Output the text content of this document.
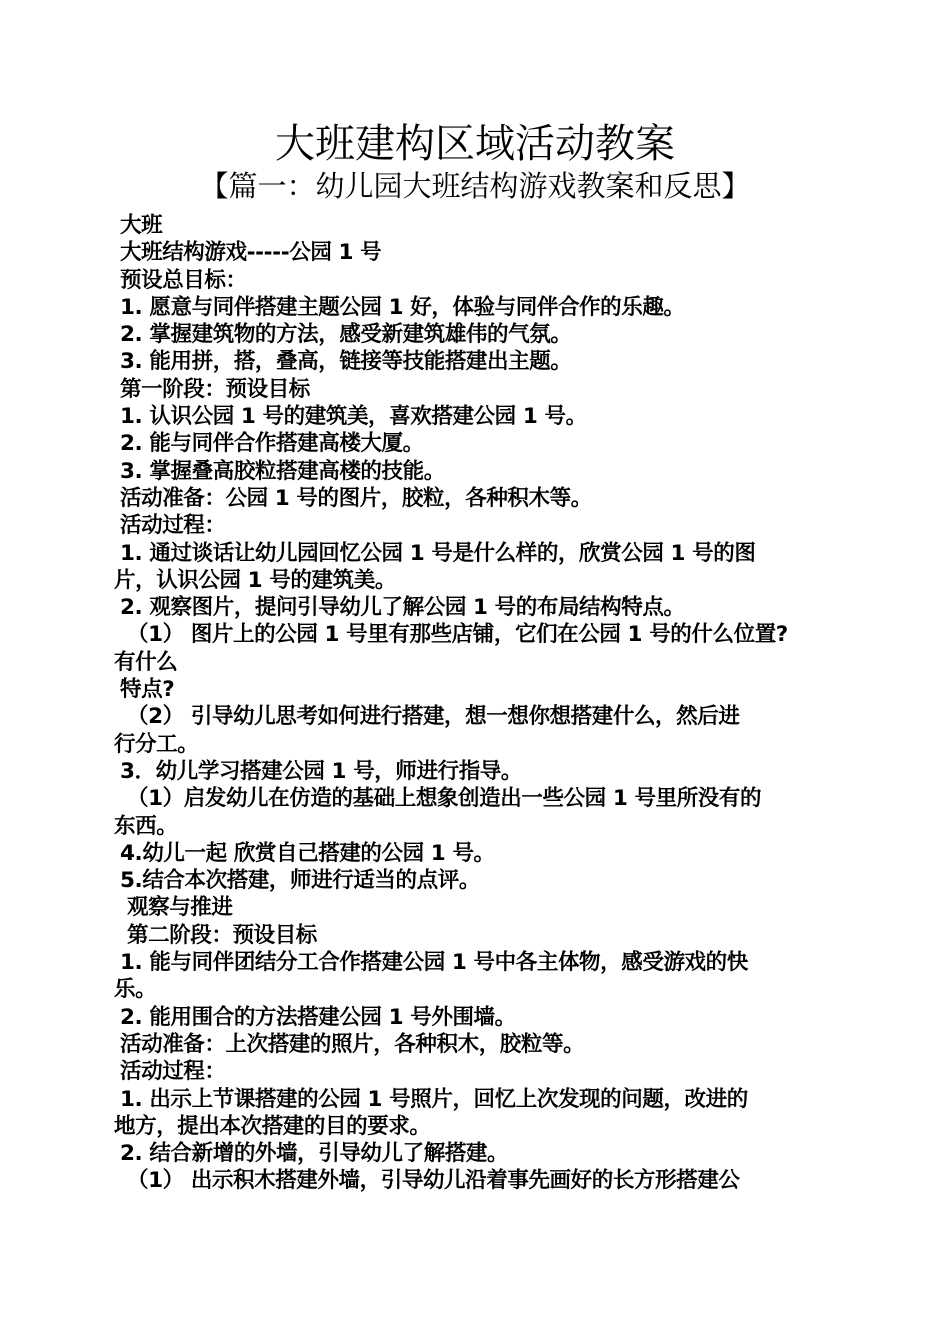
大班建构区域活动教案
【篇一：幼儿园大班结构游戏教案和反思】
大班
大班结构游戏-----公园 1 号
预设总目标：
1. 愿意与同伴搭建主题公园 1 好，体验与同伴合作的乐趣。
2. 掌握建筑物的方法，感受新建筑雄伟的气氛。
3. 能用拼，搭，叠高，链接等技能搭建出主题。
第一阶段：预设目标
1. 认识公园 1 号的建筑美，喜欢搭建公园 1 号。
2. 能与同伴合作搭建高楼大厦。
3. 掌握叠高胶粒搭建高楼的技能。
活动准备：公园 1 号的图片，胶粒，各种积木等。
活动过程：
1. 通过谈话让幼儿园回忆公园 1 号是什么样的，欣赏公园 1 号的图
片，认识公园 1 号的建筑美。
2. 观察图片，提问引导幼儿了解公园 1 号的布局结构特点。
（1） 图片上的公园 1 号里有那些店铺，它们在公园 1 号的什么位置?
有什么
特点?
（2） 引导幼儿思考如何进行搭建，想一想你想搭建什么，然后进
行分工。
3．幼儿学习搭建公园 1 号，师进行指导。
（1）启发幼儿在仿造的基础上想象创造出一些公园 1 号里所没有的
东西。
4.幼儿一起 欣赏自己搭建的公园 1 号。
5.结合本次搭建，师进行适当的点评。
观察与推进
第二阶段：预设目标
1. 能与同伴团结分工合作搭建公园 1 号中各主体物，感受游戏的快
乐。
2. 能用围合的方法搭建公园 1 号外围墙。
活动准备：上次搭建的照片，各种积木，胶粒等。
活动过程：
1. 出示上节课搭建的公园 1 号照片，回忆上次发现的问题，改进的
地方，提出本次搭建的目的要求。
2. 结合新增的外墙，引导幼儿了解搭建。
（1） 出示积木搭建外墙，引导幼儿沿着事先画好的长方形搭建公
